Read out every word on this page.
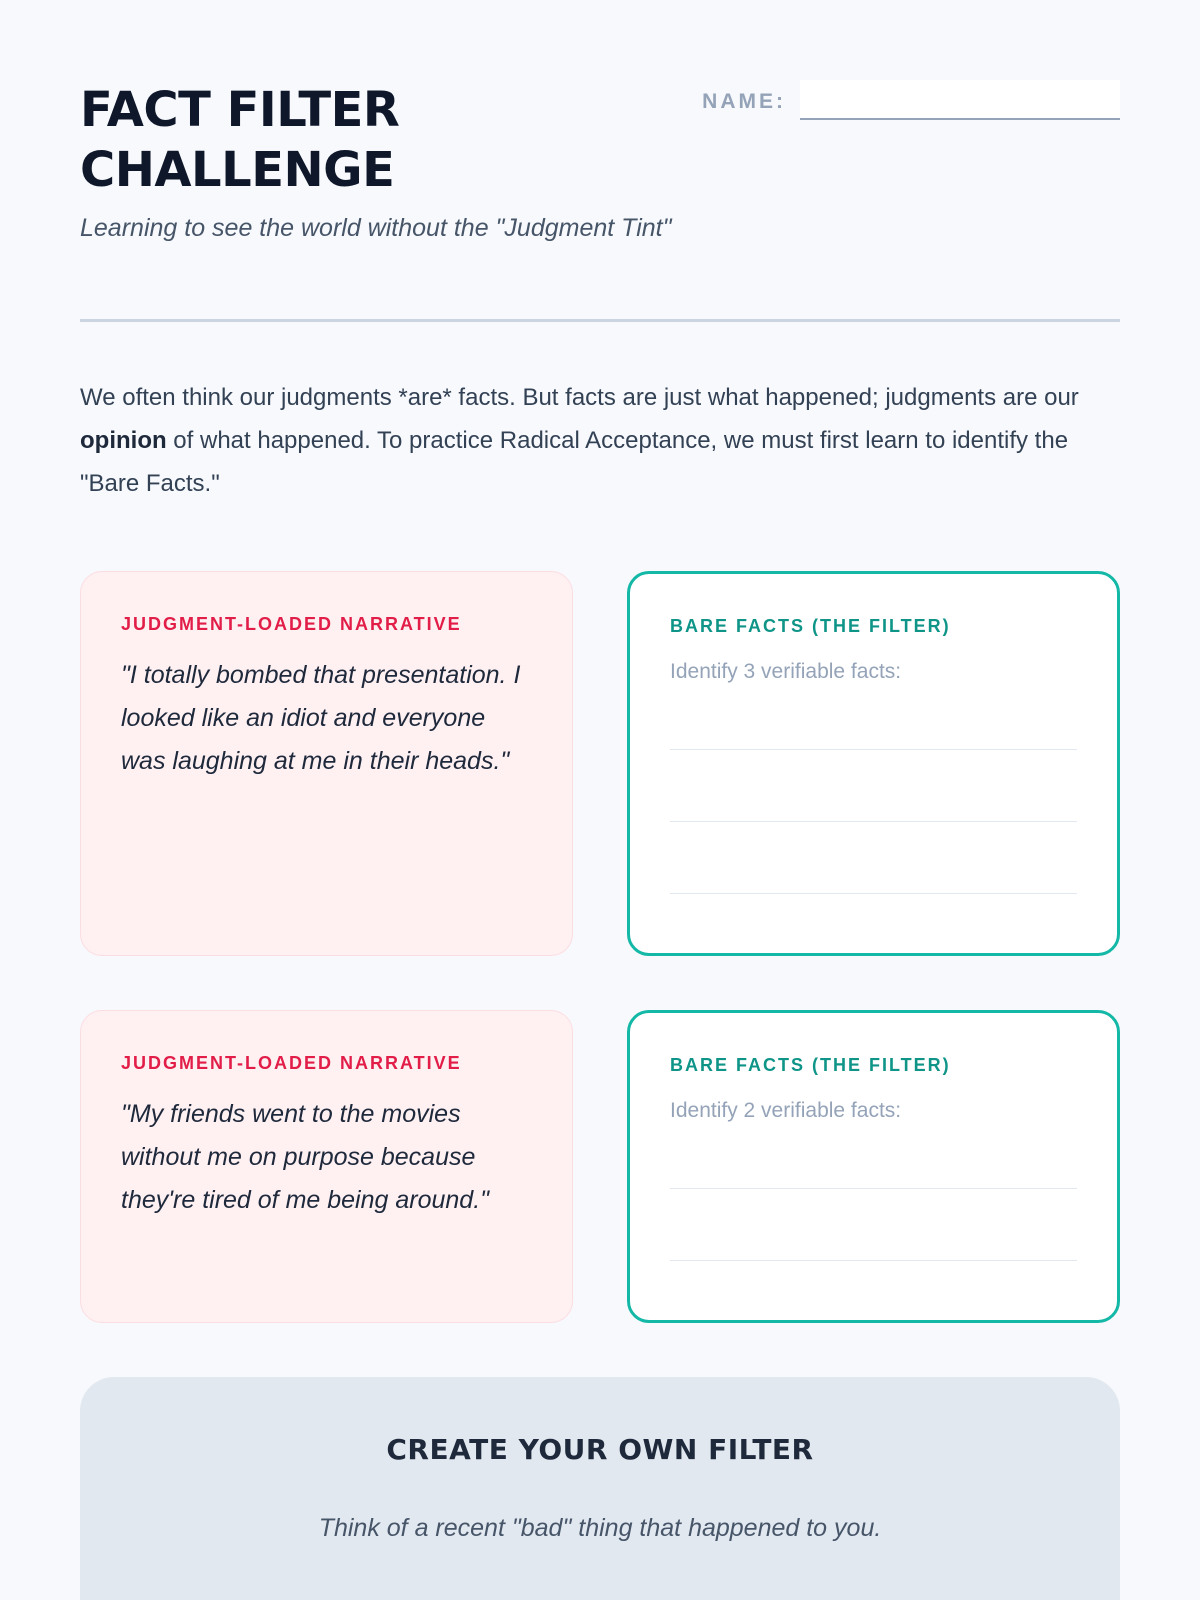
FACT FILTER CHALLENGE

Learning to see the world without the "Judgment Tint"

NAME:

We often think our judgments *are* facts. But facts are just what happened; judgments are our opinion of what happened. To practice Radical Acceptance, we must first learn to identify the "Bare Facts."

JUDGMENT-LOADED NARRATIVE

"I totally bombed that presentation. I looked like an idiot and everyone was laughing at me in their heads."

BARE FACTS (THE FILTER)

Identify 3 verifiable facts:

JUDGMENT-LOADED NARRATIVE

"My friends went to the movies without me on purpose because they're tired of me being around."

BARE FACTS (THE FILTER)

Identify 2 verifiable facts:

CREATE YOUR OWN FILTER

Think of a recent "bad" thing that happened to you.
